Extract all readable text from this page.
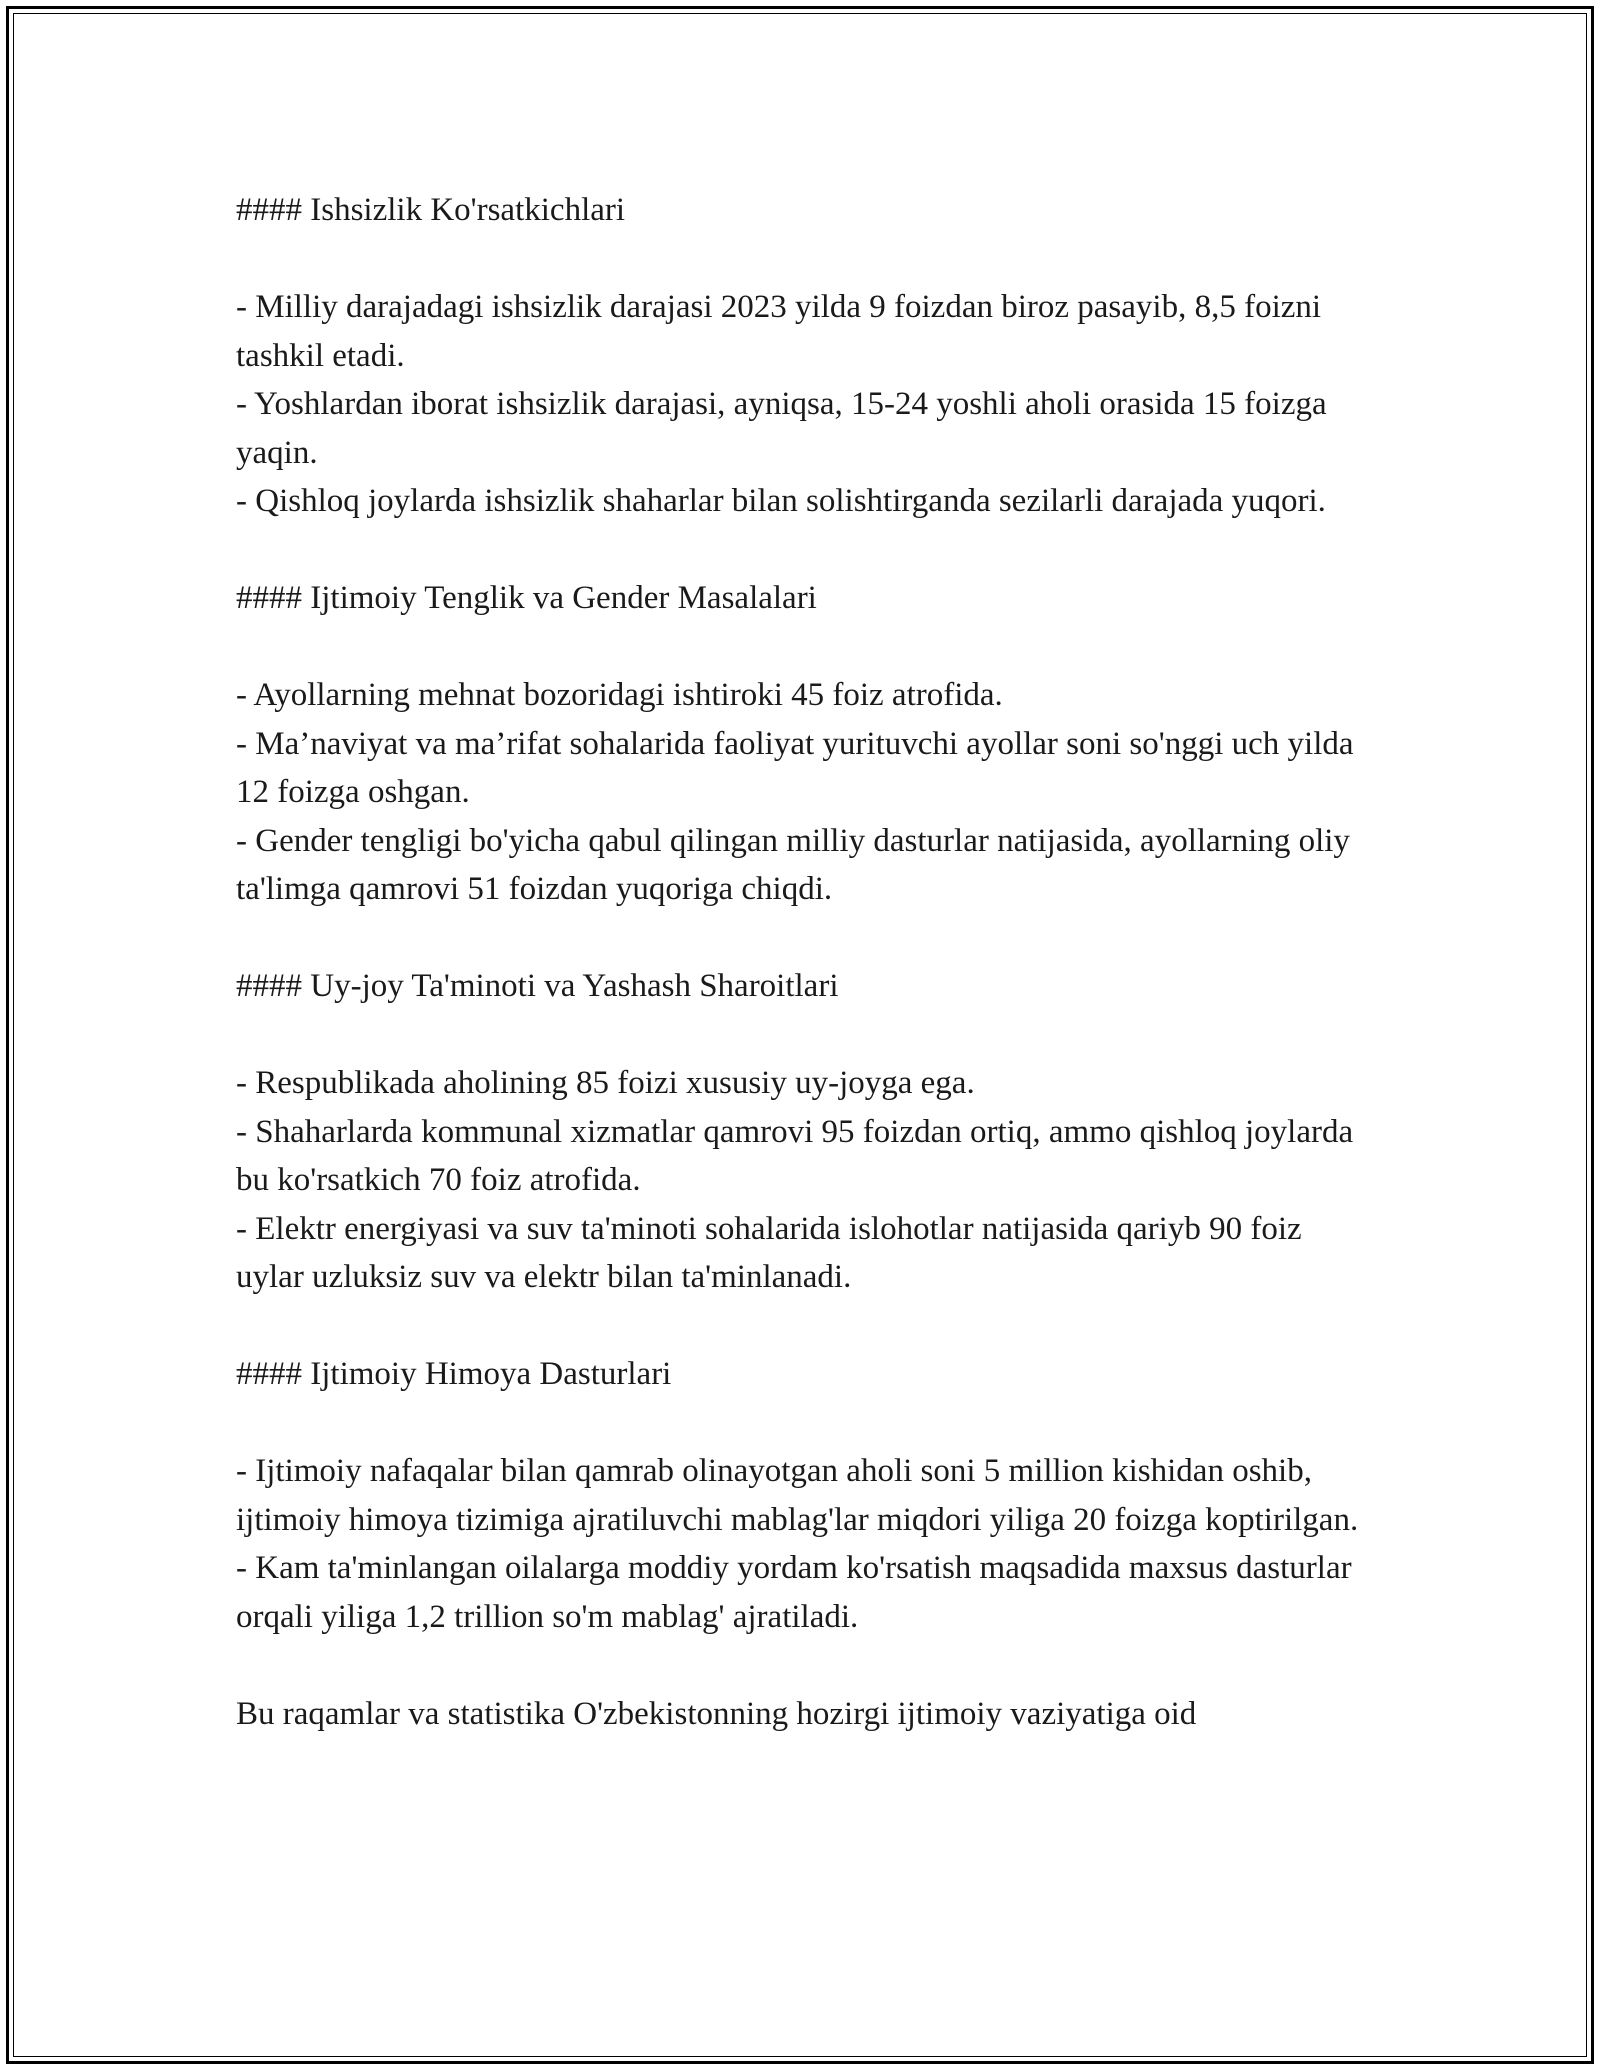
#### Ishsizlik Ko'rsatkichlari

- Milliy darajadagi ishsizlik darajasi 2023 yilda 9 foizdan biroz pasayib, 8,5 foizni tashkil etadi.

- Yoshlardan iborat ishsizlik darajasi, ayniqsa, 15-24 yoshli aholi orasida 15 foizga yaqin.

- Qishloq joylarda ishsizlik shaharlar bilan solishtirganda sezilarli darajada yuqori.

#### Ijtimoiy Tenglik va Gender Masalalari

- Ayollarning mehnat bozoridagi ishtiroki 45 foiz atrofida.

- Ma’naviyat va ma’rifat sohalarida faoliyat yurituvchi ayollar soni so'nggi uch yilda 12 foizga oshgan.

- Gender tengligi bo'yicha qabul qilingan milliy dasturlar natijasida, ayollarning oliy ta'limga qamrovi 51 foizdan yuqoriga chiqdi.

#### Uy-joy Ta'minoti va Yashash Sharoitlari

- Respublikada aholining 85 foizi xususiy uy-joyga ega.

- Shaharlarda kommunal xizmatlar qamrovi 95 foizdan ortiq, ammo qishloq joylarda bu ko'rsatkich 70 foiz atrofida.

- Elektr energiyasi va suv ta'minoti sohalarida islohotlar natijasida qariyb 90 foiz uylar uzluksiz suv va elektr bilan ta'minlanadi.

#### Ijtimoiy Himoya Dasturlari

- Ijtimoiy nafaqalar bilan qamrab olinayotgan aholi soni 5 million kishidan oshib, ijtimoiy himoya tizimiga ajratiluvchi mablag'lar miqdori yiliga 20 foizga koptirilgan.

- Kam ta'minlangan oilalarga moddiy yordam ko'rsatish maqsadida maxsus dasturlar orqali yiliga 1,2 trillion so'm mablag' ajratiladi.

Bu raqamlar va statistika O'zbekistonning hozirgi ijtimoiy vaziyatiga oid
